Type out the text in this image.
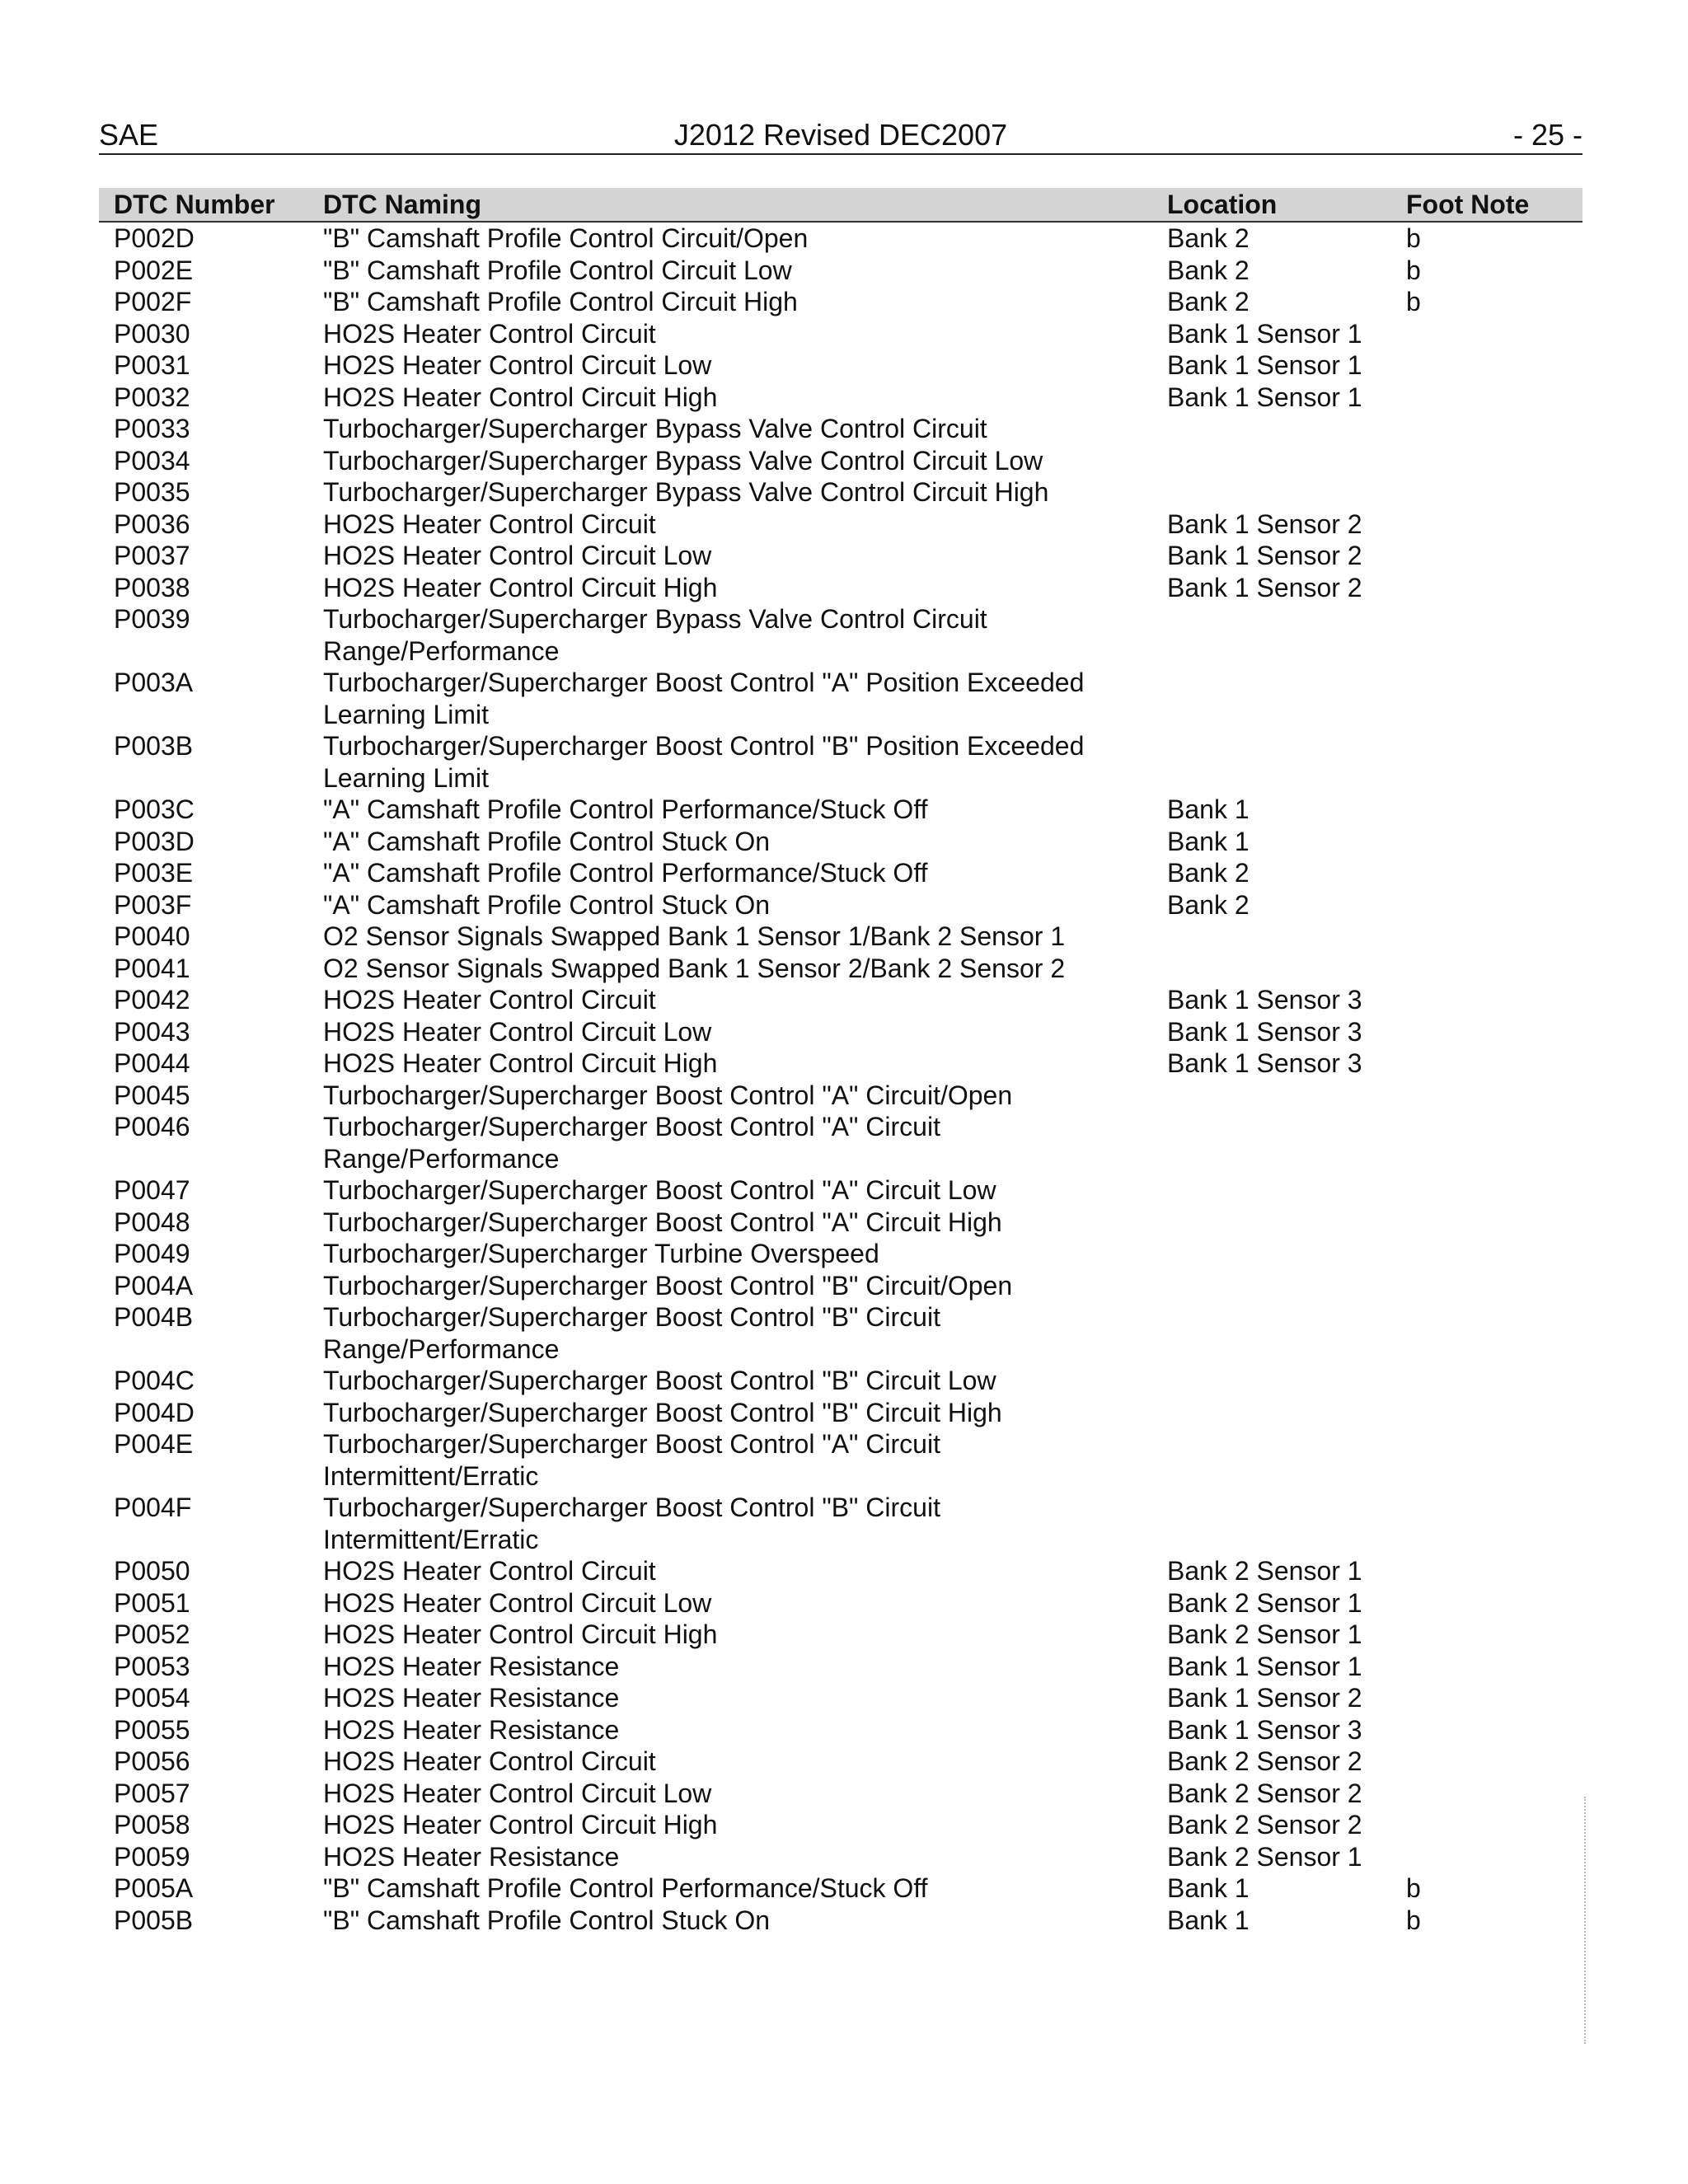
SAE	J2012 Revised DEC2007	- 25 -
DTC Number	DTC Naming	Location	Foot Note
P002D	"B" Camshaft Profile Control Circuit/Open	Bank 2	b
P002E	"B" Camshaft Profile Control Circuit Low	Bank 2	b
P002F	"B" Camshaft Profile Control Circuit High	Bank 2	b
P0030	HO2S Heater Control Circuit	Bank 1 Sensor 1	
P0031	HO2S Heater Control Circuit Low	Bank 1 Sensor 1	
P0032	HO2S Heater Control Circuit High	Bank 1 Sensor 1	
P0033	Turbocharger/Supercharger Bypass Valve Control Circuit		
P0034	Turbocharger/Supercharger Bypass Valve Control Circuit Low		
P0035	Turbocharger/Supercharger Bypass Valve Control Circuit High		
P0036	HO2S Heater Control Circuit	Bank 1 Sensor 2	
P0037	HO2S Heater Control Circuit Low	Bank 1 Sensor 2	
P0038	HO2S Heater Control Circuit High	Bank 1 Sensor 2	
P0039	Turbocharger/Supercharger Bypass Valve Control Circuit Range/Performance		
P003A	Turbocharger/Supercharger Boost Control "A" Position Exceeded Learning Limit		
P003B	Turbocharger/Supercharger Boost Control "B" Position Exceeded Learning Limit		
P003C	"A" Camshaft Profile Control Performance/Stuck Off	Bank 1	
P003D	"A" Camshaft Profile Control Stuck On	Bank 1	
P003E	"A" Camshaft Profile Control Performance/Stuck Off	Bank 2	
P003F	"A" Camshaft Profile Control Stuck On	Bank 2	
P0040	O2 Sensor Signals Swapped Bank 1 Sensor 1/Bank 2 Sensor 1		
P0041	O2 Sensor Signals Swapped Bank 1 Sensor 2/Bank 2 Sensor 2		
P0042	HO2S Heater Control Circuit	Bank 1 Sensor 3	
P0043	HO2S Heater Control Circuit Low	Bank 1 Sensor 3	
P0044	HO2S Heater Control Circuit High	Bank 1 Sensor 3	
P0045	Turbocharger/Supercharger Boost Control "A" Circuit/Open		
P0046	Turbocharger/Supercharger Boost Control "A" Circuit Range/Performance		
P0047	Turbocharger/Supercharger Boost Control "A" Circuit Low		
P0048	Turbocharger/Supercharger Boost Control "A" Circuit High		
P0049	Turbocharger/Supercharger Turbine Overspeed		
P004A	Turbocharger/Supercharger Boost Control "B" Circuit/Open		
P004B	Turbocharger/Supercharger Boost Control "B" Circuit Range/Performance		
P004C	Turbocharger/Supercharger Boost Control "B" Circuit Low		
P004D	Turbocharger/Supercharger Boost Control "B" Circuit High		
P004E	Turbocharger/Supercharger Boost Control "A" Circuit Intermittent/Erratic		
P004F	Turbocharger/Supercharger Boost Control "B" Circuit Intermittent/Erratic		
P0050	HO2S Heater Control Circuit	Bank 2 Sensor 1	
P0051	HO2S Heater Control Circuit Low	Bank 2 Sensor 1	
P0052	HO2S Heater Control Circuit High	Bank 2 Sensor 1	
P0053	HO2S Heater Resistance	Bank 1 Sensor 1	
P0054	HO2S Heater Resistance	Bank 1 Sensor 2	
P0055	HO2S Heater Resistance	Bank 1 Sensor 3	
P0056	HO2S Heater Control Circuit	Bank 2 Sensor 2	
P0057	HO2S Heater Control Circuit Low	Bank 2 Sensor 2	
P0058	HO2S Heater Control Circuit High	Bank 2 Sensor 2	
P0059	HO2S Heater Resistance	Bank 2 Sensor 1	
P005A	"B" Camshaft Profile Control Performance/Stuck Off	Bank 1	b
P005B	"B" Camshaft Profile Control Stuck On	Bank 1	b
